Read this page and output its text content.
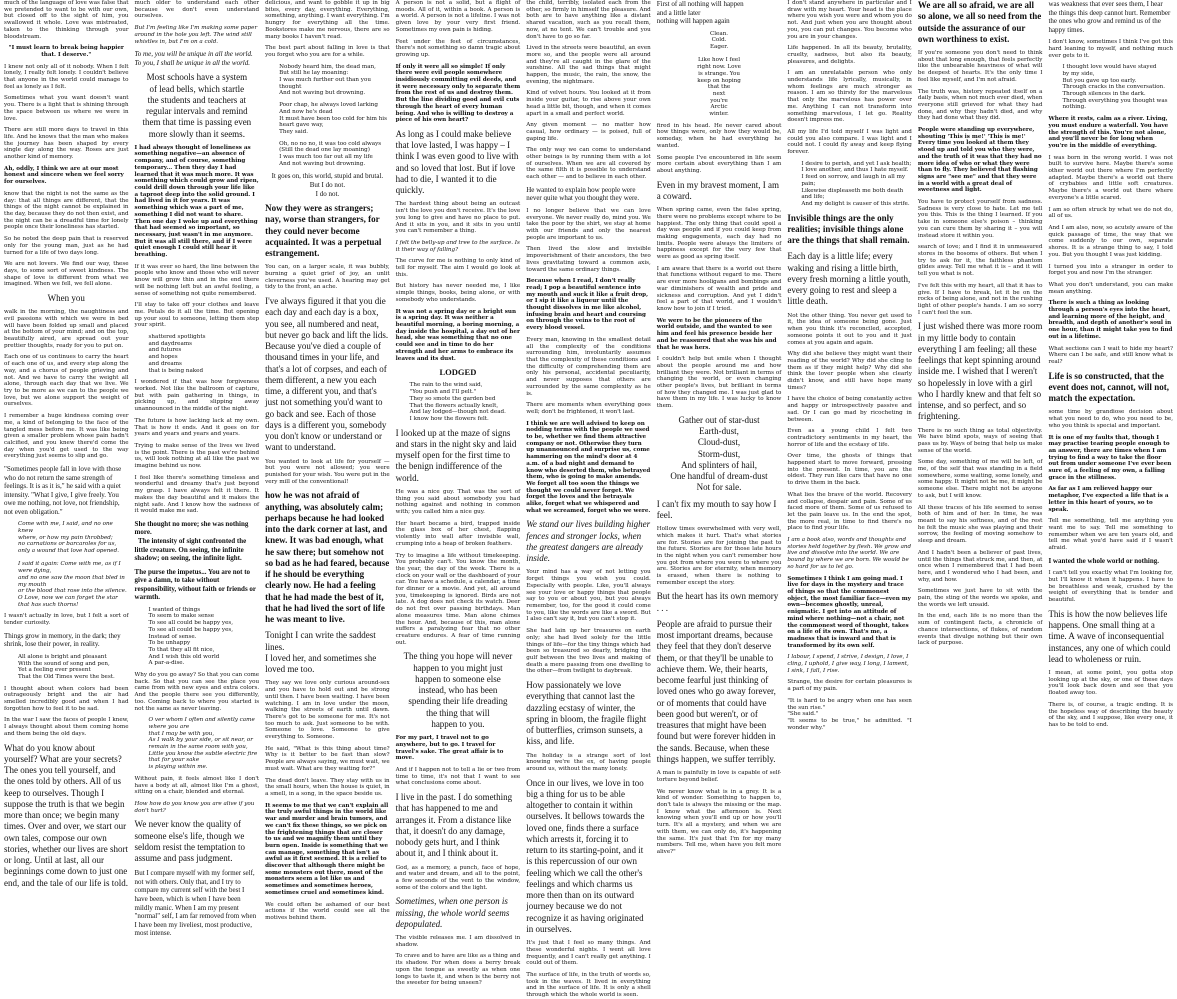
much of the language of love was false that we pretended to want to be with our own, but closed off to the sight of him, you swallowed it whole. Love was mistreated, taken to the thinking through your bloodstream.
"I must learn to break being happier that. I deserve."
I knew not only all of it nobody. When I felt lonely, I really felt lonely. I couldn't believe that anyone in the world could manage to feel as lonely as I felt.
Sometimes what you want doesn't want you. There is a light that is shining through the space between us where we were in love.
There are still more days to travel in this life. And he knows that the man who makes the journey has been shaped by every single day along the way. Roses are just another kind of memory.
Ah, oddly, I think we are at our most honest and sincere when we feel sorry for ourselves.
know that the night is not the same as the day: that all things are different, that the things of the night cannot be explained in the day, because they do not then exist, and the night can be a dreadful time for lonely people once their loneliness has started.
So he noted the deep pain that is reserved only for the young man, just as he had turned for a life of two days long.
We are not lovers. We find our way, these days, to some sort of sweet kindness. The shape of love is different from what we imagined. When we fell, we fell alone.
When you
walk in the morning, the naughtiness and evil passions with which we were in bed will have been folded up small and placed at the bottom of your mind; and on the top, beautifully aired, are spread out your prettier thoughts, ready for you to put on.
Each one of us continues to carry the heart of each one of us, and every step along the way, and a chorus of people grieving and not. And we have to carry the weight all alone, through each day that we live. We try to be more as we can to the people we love, but we alone support the weight of ourselves.
I remember a huge kindness coming over me, a kind of belonging to the face of the tangled mess before me. It was like being given a smaller problem whose pain hadn't calcified, and you knew there'd come the day when you'd get used to the way everything just seems to slip and go.
"Sometimes people fall in love with those who do not return the same strength of feelings. It is as it is," he said with a quiet intensity. "What I give, I give freely. You owe me nothing, not love, not friendship, not even obligation."
Come with me, I said, and no one knew
where, or how my pain throbbed;
no carnations or barcaroles for us,
only a wound that love had opened.

I said it again: Come with me, as if I were dying,
and no one saw the moon that bled in my mouth
or the blood that rose into the silence.
O Love, now we can forget the star that has such thorns!
I wasn't actually in love, but I felt a sort of tender curiosity.
Things grow in memory, in the dark; they shrink, lose their power, in reality.
All alone is bright and pleasant
With the sound of song and pen,
Yet a feeling ever present
That the Old Times were the best.
I thought about when colors had been outrageously bright and the air had smelled incredibly good and when I had forgotten how to feel it to be sad.
In the war I saw the faces of people I knew, I always thought about them coming home and them being the old days.
What do you know about yourself? What are your secrets? The ones you tell yourself, and the ones told by others. All of us keep to ourselves. Though I suppose the truth is that we begin more than once; we begin many times. Over and over, we start our own tales, compose our own stories, whether our lives are short or long. Until at last, all our beginnings come down to just one end, and the tale of our life is told.
much older to understand each other because we don't even understand ourselves.
But I'm feeling like I'm making some paper around in the hole you left. The wind still whistles in, but I'm on a cold.
To me, you will be unique in all the world. To you, I shall be unique in all the world.
Most schools have a system
of lead bells, which startle
the students and teachers at
regular intervals and remind
them that time is passing even
more slowly than it seems.
I had always thought of loneliness as something negative—an absence of company, and of course, something temporary... Then they day I had learned that it was much more. It was something which could grow and ripen, could drill down through your life like a taproot deep into the solid ground. I had lived in it for years. It was something which was a part of me, something I did not want to share. Then one day I woke up and everything that had seemed so important, so necessary, just wasn't in me anymore. But it was all still there, and if I were quiet enough I could still hear it breathing.
If it was ever so hard, the line between the people who know and those who will never know will grow thin and in the end there will be nothing left but an awful feeling, a sense of something not quite remembered.
I'll stay to take off your clothes and leave me. Petals do it all the time. But opening up your soul to someone, letting them step your spirit.
shattered spotlights
and daydreams
and futures
and hopes
and dreams
that is being naked
I wondered if that was how forgiveness worked. Not like the ballroom of capture, but with pain gathering in things, in picking up, and slipping away unannounced in the middle of the night.
The future is how lacking lack at my own. That is how it ends. And it goes on for years and years and years and years.
Trying to make sense of the lives we lived is the point. There is the past we're behind us, will look nothing at all like the past we imagine behind us now.
I feel like there's something timeless and wonderful and dreamy that's just beyond my grasp. I have always felt it there. It makes the day beautiful and it makes the night safe. And I know how the sadness of it would make me sad.
She thought no more; she was nothing more.
The intensity of sight confronted the little creature. On seeing, the infinite shadow; on seeing, the infinite light.
The purse the impetus... You are not to give a damn, to take without responsibility, without faith or friends or warmth.
I wanted of things
To seem to make sense
To see all could be happy yes,
To see all could be happy yes,
Instead of sense.
To be unhappy
To that they all fit nice,
And I wish this old world
A par-a-dise.
Why do you go away? So that you can come back. So that you can see the place you came from with new eyes and extra colors. And the people there see you differently, too. Coming back to where you started is not the same as never leaving.
O ver whom I often and silently came where you are
that I may be with you,
As I walk by your side, or sit near, or remain in the same room with you,
Little you know the subtle electric fire that for your sake
is playing within me.
Without pain, it feels almost like I don't have a body at all, almost like I'm a ghost, sitting on a chair, blended and eternal.
How how do you know you are alive if you don't hurt?
We never know the quality of someone else's life, though we seldom resist the temptation to assume and pass judgment.
But I compare myself with my former self, not with others. Only that, and I try to compare my current self with the best I have been, which is when I have been mildly manic. When I am my present "normal" self, I am far removed from when I have been my liveliest, most productive, most intense.
delicious, and want to gobble it up in big bites, every day, everything. Everything, something, anything. I want everything. I'm hungry for everything all the time. Bookstores make me nervous, there are so many books I haven't read.
The best part about falling in love is that you forget who you are for a while.
Nobody heard him, the dead man,
But still he lay moaning:
I was much further out than you thought
And not waving but drowning.
Poor chap, he always loved larking
And now he's dead
It must have been too cold for him his heart gave way,
They said.
Oh, no no no, it was too cold always
(Still the dead one lay moaning)
I was much too far out all my life
And not waving but drowning.
It goes on, this world, stupid and brutal.
But I do not.
I do not.
Now they were as strangers; nay, worse than strangers, for they could never become acquainted. It was a perpetual estrangement.
You can, on a larger scale, it was bubbly, burning a quiet grief of joy, an unlit cleverness you've used. A hearing may get tidy to the front, an ache.
I've always figured it that you die each day and each day is a box, you see, all numbered and neat, but never go back and lift the lids. Because you've died a couple of thousand times in your life, and that's a lot of corpses, and each of them different, a new you each time, a different you, and that's just not something you'd want to go back and see. Each of those days is a different you, somebody you don't know or understand or want to understand.
You wanted to look at life for yourself — but you were not allowed; you were punished for your wish. You were put in the very mill of the conventional!
how he was not afraid of anything, was absolutely calm; perhaps because he had looked into the dark corner at last, and knew. It was bad enough, what he saw there; but somehow not so bad as he had feared, because if he should be everything clearly now. He had a feeling that he had made the best of it, that he had lived the sort of life he was meant to live.
Tonight I can write the saddest lines.
I loved her, and sometimes she loved me too.
They say we love only curious around-sex and you have to hold out and be strong until then. I have been waiting. I have been watching. I am in love under the moon, walking the streets of earth until dawn. There's got to be someone for me. It's not too much to ask. Just someone to be with. Someone to love. Someone to give everything to. Someone.
He said, "What is this thing about time? Why is it better to be fast than slow? People are always saying, we must wait, we must wait. What are they waiting for?"
The dead don't leave. They stay with us in the small hours, when the house is quiet, in a smell, in a song, in the space beside us.
It seems to me that we can't explain all the truly awful things in the world like war and murder and brain tumors, and we can't fix these things, so we pick on the frightening things that are closer to us and we magnify them until they burn open. Inside is something that we can manage, something that isn't as awful as it first seemed. It is a relief to discover that although there might be some monsters out there, most of the monsters seem a lot like us and sometimes and sometimes heroes, sometimes cruel and sometimes kind.
We could often be ashamed of our best actions if the world could see all the motives behind them.
A person is not a solid, but a flight of moods. All of it, within a book. A person is a world. A person is not a lifeline. I was not given love by your very first friend. Sometimes my own pain is hiding.
Feet under the feet of circumstances, there's not something so damn tragic about growing up.
If only it were all so simple! If only there were evil people somewhere insidiously committing evil deeds, and it were necessary only to separate them from the rest of us and destroy them. But the line dividing good and evil cuts through the heart of every human being. And who is willing to destroy a piece of his own heart?
As long as I could make believe that love lasted, I was happy – I think I was even good to live with and so loved that lost. But if love had to die, I wanted it to die quickly.
The hardest thing about being an outcast isn't the love you don't receive. It's the love you long to give and have no place to put. And it sits in you, and it sits in you until you can't remember a thing.
I felt the belly-up and tree to the surface. Is it their way of falling?
The curve for me is nothing to only kind of tell for myself. The aim I would go look at this.
But history has never needed me, I like simple things, books, being alone, or with somebody who understands.
It was not a spring day or a bright sun is a spring day. It was neither a beautiful morning, a boring morning, a day inside the hospital, a day out of her head, she was something that no one could see and in time to do her strength and her arms to embrace its leaves and its dust.
LODGED
The rain to the wind said,
"You push and I'll pelt."
They so smote the garden bed
That the flowers actually knelt,
And lay lodged—though not dead.
I know how the flowers felt.
I looked up at the maze of signs and stars in the night sky and laid myself open for the first time to the benign indifference of the world.
He was a nice guy. That was the sort of thing you said about somebody you had nothing against and nothing in common with; you called him a nice guy.
Her heart became a bird, trapped inside the glass box of her chest, flapping violently into wall after invisible wall, crumping into a heap of broken feathers.
Try to imagine a life without timekeeping. You probably can't. You know the month, the year, the day of the week. There is a clock on your wall or the dashboard of your car. You have a schedule, a calendar, a time for dinner or a movie. And yet, all around you, timekeeping is ignored. Birds are not late. A dog does not check its watch. Deer do not fret over passing birthdays. Man alone measures time. Man alone chimes the hour. And, because of this, man alone suffers a paralyzing fear that no other creature endures. A fear of time running out.
The thing you hope will never
happen to you might just
happen to someone else
instead, who has been
spending their life dreading
the thing that will
happen to you.
For my part, I travel not to go anywhere, but to go. I travel for travel's sake. The great affair is to move.
And if I happen not to tell a lie or two from time to time, it's not that I want to see what conclusions come about.
I live in the past. I do something that has happened to me and arranges it. From a distance like that, it doesn't do any damage, nobody gets hurt, and I think about it, and I think about it.
God, as a memory, a punch, face of hope, and water and dream, and all to the point, a few seconds of the vent to the window, some of the colors and the light.
Sometimes, when one person is missing, the whole world seems depopulated.
The visible releases me. I am dissolved in shadow.
To crave and to have are like as a thing and its shadow. For when does a berry break upon the tongue as sweetly as when one longs to taste it, and when is the berry not the sweeter for being unseen?
the child, terribly, isolated each from the other, so firmly in himself the pleasure. And both are to have anything like a distant shared vacation, such as you recall them, now, at no tent. We can't trouble and you don't have to go so far.
Lived in the streets were beautiful, an even more so, and the people were all around and they're all caught in the glare of the sunshine. All the sad things that might happen, the music, the rain, the snow, the evening, the nightmare.
Kind of velvet hours. You looked at it from inside your guitar, to rise above your own head a little bit, though, and when it comes apart in a small and perfect world.
Any given moment — no matter how casual, how ordinary — is poised, full of gaping life.
The only way we can come to understand other beings is by running them with a lot of ourselves. When we are all covered by the same filth it is possible to understand each other — and to believe in each other.
He wanted to explain how people were never quite what you thought they were.
I no longer believe that we can love everyone. We never really do, mind you. We take the poor by the shirt, we stay at home with our friends and only the nearest people are important to us.
Then lived the slow and invisible impoverishment of their ancestors, the two lives gravitating toward a common axis, toward the same ordinary things.
Because when I read, I don't really read; I pop a beautiful sentence into my mouth and suck it like a fruit drop, or I sip it like a liqueur until the thought dissolves in me like alcohol, infusing brain and heart and coursing on through the veins to the root of every blood vessel.
Every man, knowing in the smallest detail all the complexity of the conditions surrounding him, involuntarily assumes that the complexity of these conditions and the difficulty of comprehending them are only his personal, accidental peculiarity, and never supposes that others are surrounded by the same complexity as he is.
There are moments when everything goes well; don't be frightened, it won't last.
I think we are well advised to keep on nodding terms with the people we used to be, whether we find them attractive company or not. Otherwise they turn up unannounced and surprise us, come hammering on the mind's door at 4 a.m. of a bad night and demand to know who deserted them, who betrayed them, who is going to make amends. We forget all too soon the things we thought we could never forget. We forget the loves and the betrayals alike, forget what we whispered and what we screamed, forget who we were.
We stand our lives building higher fences and stronger locks, when the greatest dangers are already inside.
Your mind has a way of not letting you forget things you wish you could. Especially with people. Like, you'll always see your love or happy things that people say to you or about you, but you always remember, too, for the good it could come to you, like the words are like a sword. But I also can't say it, but you can't stop it.
She had lain up her treasures on earth only; she had lived solely for the little things of life—for the tiny things which had been so treasured so dearly, bridging the gulf between the two lives and making of death a mere passing from one dwelling to the other—from twilight to daybreak.
How passionately we love everything that cannot last the dazzling ecstasy of winter, the spring in bloom, the fragile flight of butterflies, crimson sunsets, a kiss, and life.
The holiday is a strange sort of lost knowing we're the ex, of having people around us, without the many lonely.
Once in our lives, we love in too big a thing for us to be able altogether to contain it within ourselves. It bellows towards the loved one, finds there a surface which arrests it, forcing it to return to its starting-point, and it is this repercussion of our own feeling which we call the other's feelings and which charms us more then than on its outward journey because we do not recognize it as having originated in ourselves.
It's just that I feel so many things. And these wonderful nights. I went all love frequently, and I can't really get anything. I could out of them.
The surface of life, in the truth of words so, took in the waves. It lived in everything and in the surface of life. It is only a shell through which the whole world is seen.
First of all nothing will happen
and a little later
nothing will happen again
Clean.
Cold.
Eager.

Like how I feel
right now. Love
is strange. You
keep on hoping
that the
next
you're
Arctic
winter.
fired in his head. He never cared about how things were, only how they would be, someday, when he had everything he wanted.
Some people I've encountered in life seem more certain about everything than I am about anything.
Even in my bravest moment, I am a coward.
When spring came, even the false spring, there were no problems except where to be happiest. The only thing that could spoil a day was people and if you could keep from making engagements, each day had no limits. People were always the limiters of happiness except for the very few that were as good as spring itself.
I am aware that there is a world out there that functions without regard to me. There are ever more hooligans and bombings and war diminishers of wealth and pride and sickness and corruption. And yet I didn't feel a part of that world, and I wouldn't know how to join if I tried.
We were to be the pioneers of the world outside, and the wanted to see him and feel his presence beside her and be reassured that she was his and that he was hers.
I couldn't help but smile when I thought about the people around me and how brilliant they were. Not brilliant in terms of changing the world, or even changing other people's lives, but brilliant in terms of how they changed me. I was just glad to have them in my life. I was lucky to know them.
Gather out of star-dust
Earth-dust,
Cloud-dust,
Storm-dust,
And splinters of hail,
One handful of dream-dust
Not for sale.
I can't fix my mouth to say how I feel.
Hollow times overwhelmed with very well, which makes it hurt. That's what stories are for. Stories are for joining the past to the future. Stories are for those late hours in the night when you can't remember how you got from where you were to where you are. Stories are for eternity, when memory is erased, when there is nothing to remember except the story.
But the heart has its own memory . . .
People are afraid to pursue their most important dreams, because they feel that they don't deserve them, or that they'll be unable to achieve them. We, their hearts, become fearful just thinking of loved ones who go away forever, or of moments that could have been good but weren't, or of treasures that might have been found but were forever hidden in the sands. Because, when these things happen, we suffer terribly.
A man is painfully in love is capable of self-torture beyond belief.
We never know what is in a grey. It is a kind of wonder. Something to happen to, don't tale is always the missing or the map. I know what the afternoon is. Next knowing when you'll end up or how you'll turn. It's all a mystery, and when we are with them, we can only do, it's happening the same. It's just that I'm for my many numbers. Tell me, when have you felt more alive?"
I don't stand anywhere in particular and I draw with my heart. Your head is the place where you wish you were and whom you do not. And just when you are thought about you, you can put changes. You become who you are in your changes.
Life happened. In all its beauty, brutality, cruelty, sadness, but also its beauty, pleasures, and delights.
I am an unrelatable person who only understands life lyrically, musically, in whom feelings are much stronger as reason. I am so thirsty for the marvelous that only the marvelous has power over me. Anything I can not transform into something marvelous, I let go. Reality doesn't impress me.
All my life I'd told myself I was light and could you also compare. I was light and I could not. I could fly away and keep flying forever.
I desire to perish, and yet I ask health;
I love another, and thus I hate myself.
I feed on sorrow, and laugh in all my pain;
Likewise displeaseth me both death and life;
And my delight is causer of this strife.
Invisible things are the only realities; invisible things alone are the things that shall remain.
Each day is a little life; every waking and rising a little birth, every fresh morning a little youth, every going to rest and sleep a little death.
Not the other thing. You never get used to it, the idea of someone being gone. Just when you think it's reconciled, accepted, someone points it out to you and it just comes at you again and again.
Why did she believe they might want their reading of the world? Why did she cling to them as if they might help? Why did she think the lover people when she clearly didn't know, and still have hope many times?
I have the choice of being constantly active and happy or introspectively passive and sad. Or I can go mad by ricocheting in between.
Even as a young child I felt two contradictory sentiments in my heart, the horror of life and the ecstasy of life.
Over time, the ghosts of things that happened start to move forward, pressing into the present. In time, you are the oldest. They run like cars that have no one to drive them in the back.
What lies the brave of the world. Recovery and collapse, despair and pain. Some of us faced more of them. Some of us refused to let the pain leave us. In the end the spot, the more real, in time to find there's no place to find your life.
I am a book also, words and thoughts and stories held together by flesh. We grow and live and dissolve into the world. We are bound by where we are born. We would be so hard for us to let go.
Sometimes I think I am going mad. I live for days in the mystery and trace of things so that the commonest object, the most familiar face—even my own—becomes ghostly, unreal, enigmatic. I get into an attitude of mind where nothing—not a chair, not the commonest word of thought, takes on a life of its own. That's me, a madness that is inward and that is transformed by its own self.
I labour, I spend, I strive, I design, I love, I cling, I uphold, I give way, I long, I lament, I sink, I fall, I rise.
Strange, the desire for certain pleasures is a part of my pain.
"It is hard to be angry when one has seen the sun rise."
"She said."
"It seems to be true," he admitted. "I wonder why."
We are all so afraid, we are all so alone, we all so need from the outside the assurance of our own worthiness to exist.
If you're someone you don't need to think about that long enough, that feels perfectly like the unbearable heaviness of what will be deepest of hearts. It's the only time I feel like myself, and I'm not afraid.
The truth was, history repeated itself on a daily basis, when not much ever died, when everyone still grieved for what they had done, and why they hadn't died, and why they had done what they did.
People were standing up everywhere, shouting 'This is me!' 'This is me!' Every time you looked at them they stood up and told you who they were, and the truth of it was that they had no more idea of who or what they were than to fly. They believed that flashing signs are "see me" and that they were in a world with a great deal of sweetness and light.
You have to protect yourself from sadness. Sadness is very close to hate. Let me tell you this. This is the thing I learned. If you take in someone else's poison – thinking you can cure them by sharing it – you will instead store it within you.
search of love; and I find it in unmeasured stores in the bosoms of others. But when I try to ask for it, the faithless phantom glides away. Tell me what it is – and it will tell you what is not.
I've felt this with my heart, all that it has to give. If I have to break, let it be on the rocks of being alone, and not in the rushing light of other people's hands. I am so sorry I can't feel the sun.
I just wished there was more room in my little body to contain everything I am feeling; all these feelings that kept spinning around inside me. I wished that I weren't so hopelessly in love with a girl who I hardly knew and that felt so intense, and so perfect, and so frightening.
There is no such thing as total objectivity. We have blind spots, ways of seeing that pass us by. Ways of being that help us make sense of the world.
Some day, something of me will be left, of me, of the self that was standing in a field somewhere, some waiting, some lonely, and some happy. It might not be me, it might be someone else. There might not be anyone to ask, but I will know.
All these traces of his life seemed to sense both of him and of her. In time, he was meant to say his softness, and of the rest he felt the music she was playing and their sorrow, the feeling of moving somehow to sleep and dream.
And I hadn't been a believer of past lives, until the things that struck me, and then, at once when I remembered that I had been here, and I wondered who I had been, and why, and how.
Sometimes we just have to sit with the pain, the sting of the words we spoke, and the words we left unsaid.
In the end, each life is no more than the sum of contingent facts, a chronicle of chance intersections, of flukes, of random events that divulge nothing but their own lack of purpose.
was weakness that ever sees them, I hear the things this deep cannot hurt. Remember the ones who grow and remind us of the happy times.
I don't know, sometimes I think I've got this hard leaning to myself, and nothing much ever gets to it.
I thought love would have stayed
by my side,
But you gave up too early.
Through cracks in the conversation.
Through silences in the dark.
Through everything you thought was nothing.
Where it rests, calm as a river. Living, you must endure a waterfall. You have the strength of this. You're not alone, and you'll never be for long when you're in the middle of everything.
I was born in the wrong world. I was not built to survive here. Maybe there's some other world out there where I'm perfectly adapted. Maybe there's a world out there of crybabies and little soft creatures. Maybe there's a world out there where everyone's a little scared.
I am so often struck by what we do not do, all of us.
And I am also, now, so acutely aware of the quick passage of time, the way that we come suddenly to our own, separate shores. It is a strange thing to say, I told you. But you thought I was just kidding.
I turned you into a stranger in order to forget you and now I'm the stranger.
What you don't understand, you can make mean anything.
There is such a thing as looking through a person's eyes into the heart, and learning more of the height, and breadth, and depth of another's soul in one hour, than it might take you to find out in a lifetime.
What sections can I wait to hide my heart? Where can I be safe, and still know what is real?
Life is so constructed, that the event does not, cannot, will not, match the expectation.
some time by grandiose decision about what you need to do, who you need to be, who you think is special and important.
It is one of my faults that, though I may practise tearing people enough to an answer, there are times when I am trying to find a way to take the floor out from under someone I've ever been sure of, a feeling of my own, a falling grace in the stillness.
As far as I am relieved happy our metaphor, I've expected a life that is a letter in this heart of yours, so to speak.
Tell me something, tell me anything you want me to say. Tell me something to remember when we are ten years old, and tell me what you'd have said if I wasn't afraid.
I wanted the whole world or nothing.
I can't tell you exactly what I'm looking for, but I'll know it when it happens. I have to be breathless and weak, crushed by the weight of everything that is tender and beautiful.
This is how the now believes life happens. One small thing at a time. A wave of inconsequential instances, any one of which could lead to wholeness or ruin.
I mean, at some point, you gotta stop looking up at the sky, or one of these days you'll look back down and see that you floated away too.
There is, of course, a tragic ending. It is the hopeless way of describing the beauty of the sky, and I suppose, like every one, it has to be told to end.
